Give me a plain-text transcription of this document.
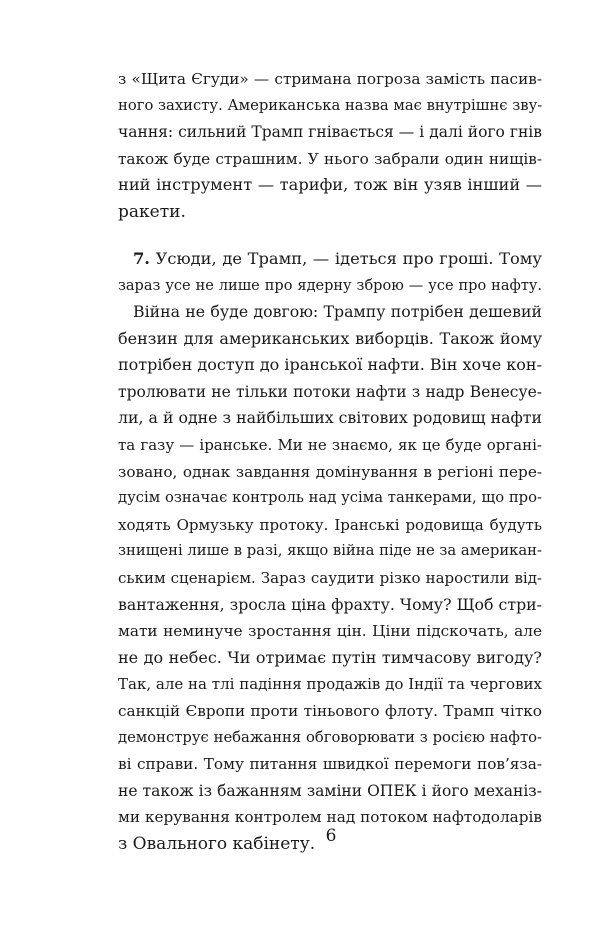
з «Щита Єгуди» — стримана погроза замість пасив-
ного захисту. Американська назва має внутрішнє зву-
чання: сильний Трамп гнівається — і далі його гнів
також буде страшним. У нього забрали один нищів-
ний інструмент — тарифи, тож він узяв інший —
ракети.

7. Усюди, де Трамп, — ідеться про гроші. Тому
зараз усе не лише про ядерну зброю — усе про нафту.

Війна не буде довгою: Трампу потрібен дешевий
бензин для американських виборців. Також йому
потрібен доступ до іранської нафти. Він хоче кон-
тролювати не тільки потоки нафти з надр Венесуе-
ли, а й одне з найбільших світових родовищ нафти
та газу — іранське. Ми не знаємо, як це буде органі-
зовано, однак завдання домінування в регіоні пере-
дусім означає контроль над усіма танкерами, що про-
ходять Ормузьку протоку. Іранські родовища будуть
знищені лише в разі, якщо війна піде не за американ-
ським сценарієм. Зараз саудити різко наростили від-
вантаження, зросла ціна фрахту. Чому? Щоб стри-
мати неминуче зростання цін. Ціни підскочать, але
не до небес. Чи отримає путін тимчасову вигоду?
Так, але на тлі падіння продажів до Індії та чергових
санкцій Європи проти тіньового флоту. Трамп чітко
демонструє небажання обговорювати з росією нафто-
ві справи. Тому питання швидкої перемоги пов’яза-
не також із бажанням заміни ОПЕК і його механіз-
ми керування контролем над потоком нафтодоларів
з Овального кабінету. 6
